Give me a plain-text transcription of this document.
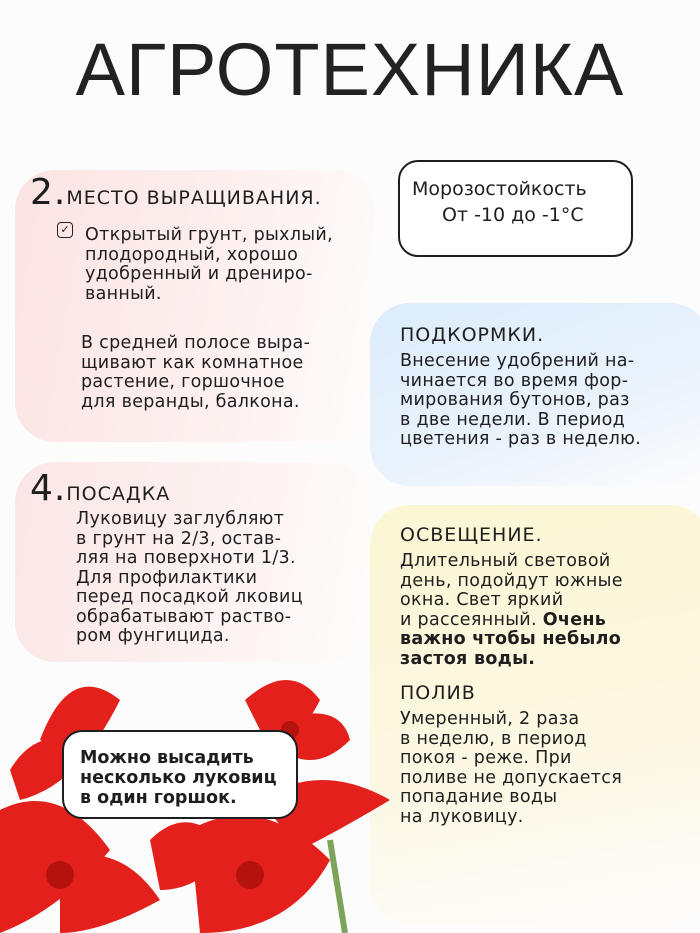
АГРОТЕХНИКА
Морозостойкость
От -10 до -1°C
2.МЕСТО ВЫРАЩИВАНИЯ.
✓ Открытый грунт, рыхлый,
плодородный, хорошо
удобренный и дрениро-
ванный.
В средней полосе выра-
щивают как комнатное
растение, горшочное
для веранды, балкона.
ПОДКОРМКИ.
Внесение удобрений на-
чинается во время фор-
мирования бутонов, раз
в две недели. В период
цветения - раз в неделю.
4.ПОСАДКА
Луковицу заглубляют
в грунт на 2/3, остав-
ляя на поверхноти 1/3.
Для профилактики
перед посадкой лковиц
обрабатывают раство-
ром фунгицида.
ОСВЕЩЕНИЕ.
Длительный световой
день, подойдут южные
окна. Свет яркий
и рассеянный. Очень
важно чтобы небыло
застоя воды.
ПОЛИВ
Умеренный, 2 раза
в неделю, в период
покоя - реже. При
поливе не допускается
попадание воды
на луковицу.
Можно высадить
несколько луковиц
в один горшок.
